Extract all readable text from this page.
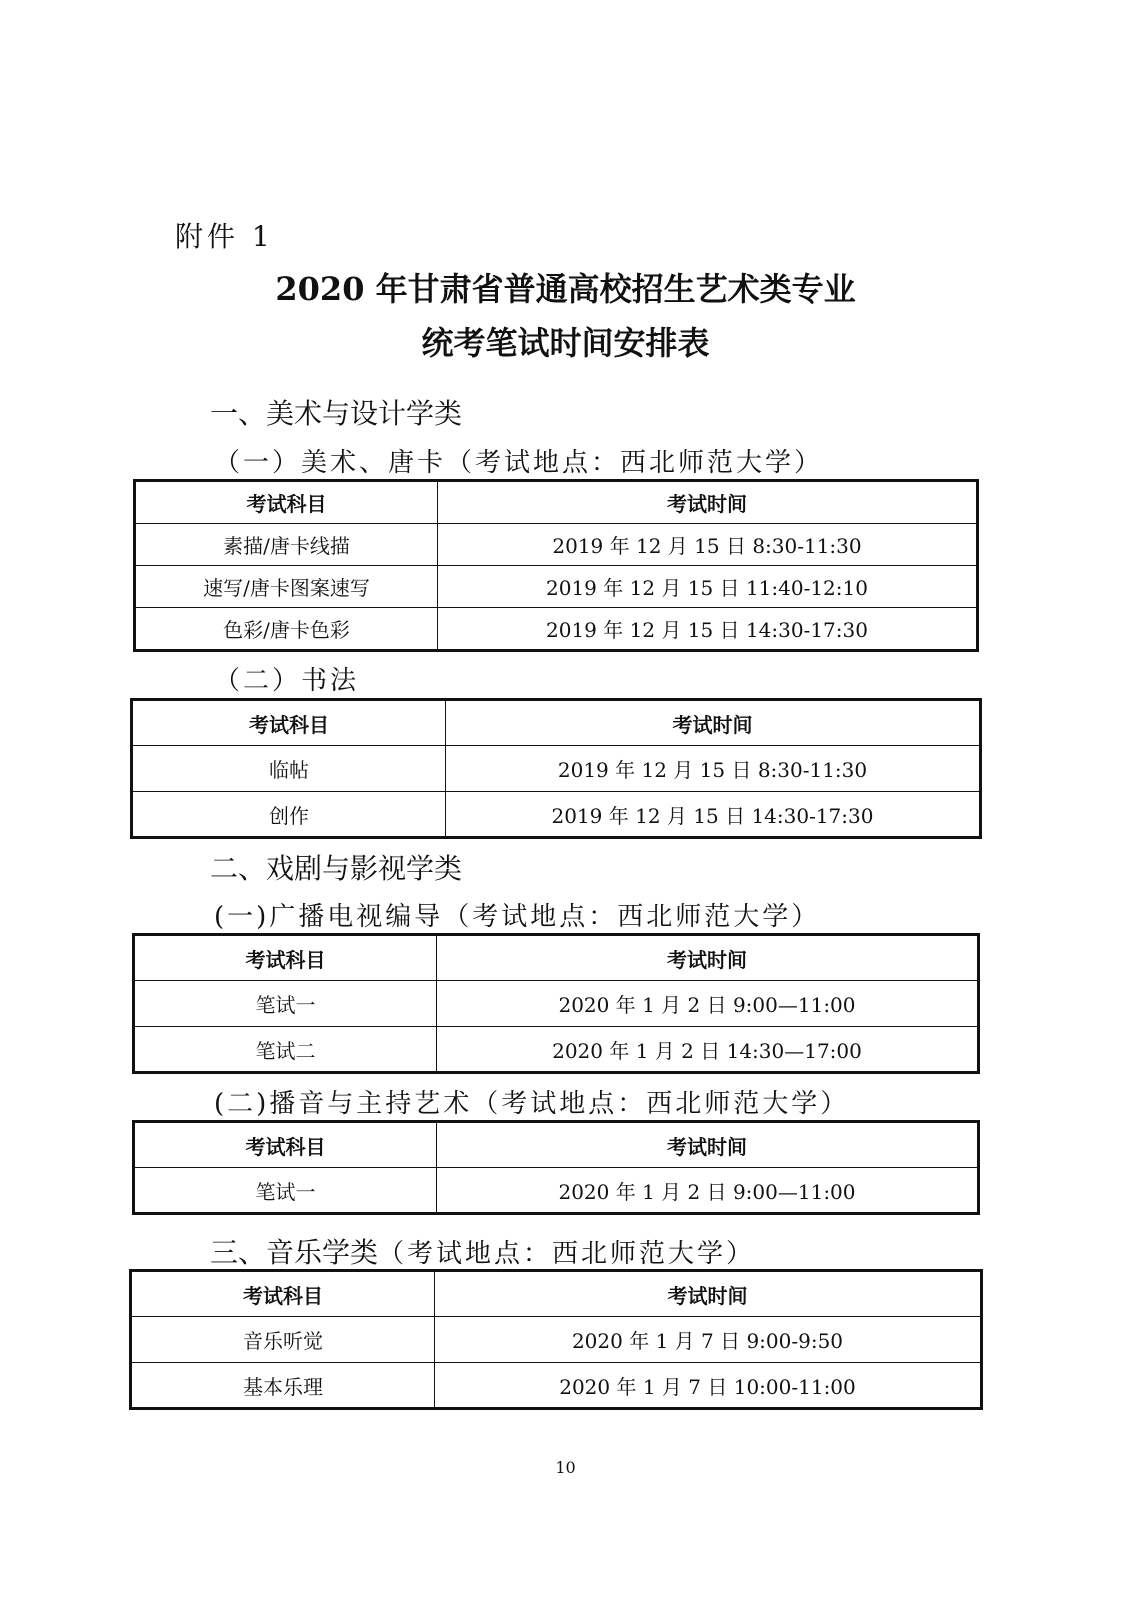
附件 1
2020 年甘肃省普通高校招生艺术类专业
统考笔试时间安排表
一、美术与设计学类
（一）美术、唐卡（考试地点：西北师范大学）
考试科目	考试时间
素描/唐卡线描	2019 年 12 月 15 日 8:30-11:30
速写/唐卡图案速写	2019 年 12 月 15 日 11:40-12:10
色彩/唐卡色彩	2019 年 12 月 15 日 14:30-17:30
（二）书法
考试科目	考试时间
临帖	2019 年 12 月 15 日 8:30-11:30
创作	2019 年 12 月 15 日 14:30-17:30
二、戏剧与影视学类
(一)广播电视编导（考试地点：西北师范大学）
考试科目	考试时间
笔试一	2020 年 1 月 2 日 9:00—11:00
笔试二	2020 年 1 月 2 日 14:30—17:00
(二)播音与主持艺术（考试地点：西北师范大学）
考试科目	考试时间
笔试一	2020 年 1 月 2 日 9:00—11:00
三、音乐学类（考试地点：西北师范大学）
考试科目	考试时间
音乐听觉	2020 年 1 月 7 日 9:00-9:50
基本乐理	2020 年 1 月 7 日 10:00-11:00
10
